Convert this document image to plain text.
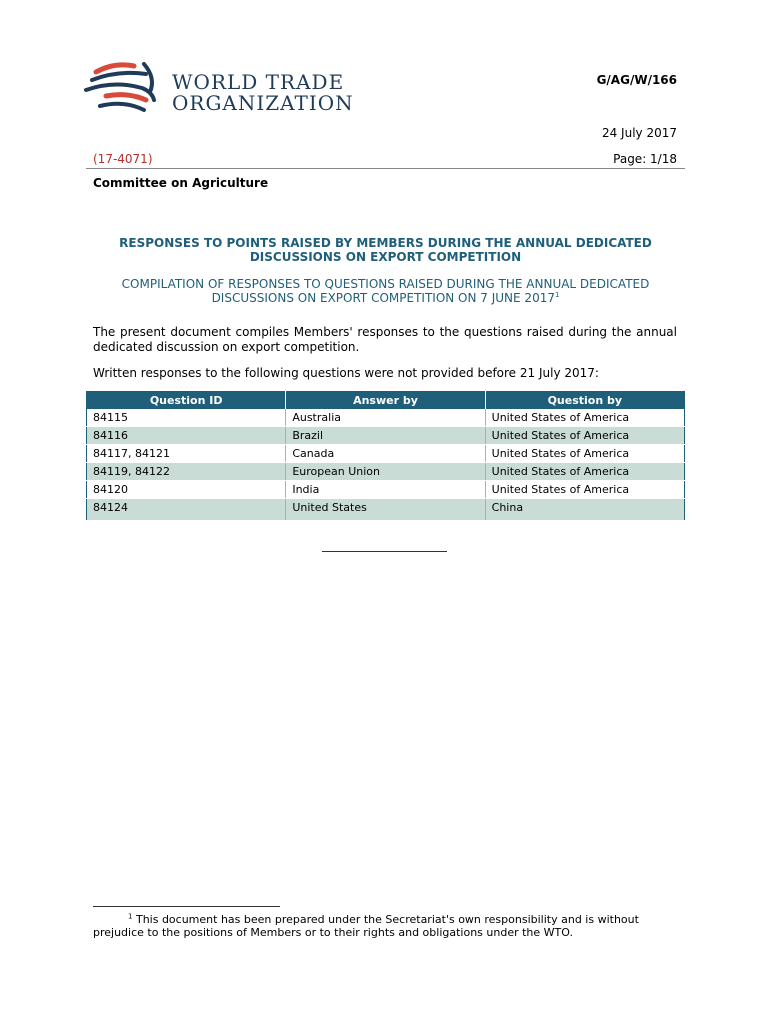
WORLD TRADE
ORGANIZATION
G/AG/W/166
24 July 2017
(17-4071)	Page: 1/18
Committee on Agriculture
RESPONSES TO POINTS RAISED BY MEMBERS DURING THE ANNUAL DEDICATED DISCUSSIONS ON EXPORT COMPETITION
COMPILATION OF RESPONSES TO QUESTIONS RAISED DURING THE ANNUAL DEDICATED DISCUSSIONS ON EXPORT COMPETITION ON 7 JUNE 2017$^1$
The present document compiles Members' responses to the questions raised during the annual dedicated discussion on export competition.
Written responses to the following questions were not provided before 21 July 2017:
Question ID	Answer by	Question by
84115	Australia	United States of America
84116	Brazil	United States of America
84117, 84121	Canada	United States of America
84119, 84122	European Union	United States of America
84120	India	United States of America
84124	United States	China
$^1$ This document has been prepared under the Secretariat's own responsibility and is without prejudice to the positions of Members or to their rights and obligations under the WTO.
